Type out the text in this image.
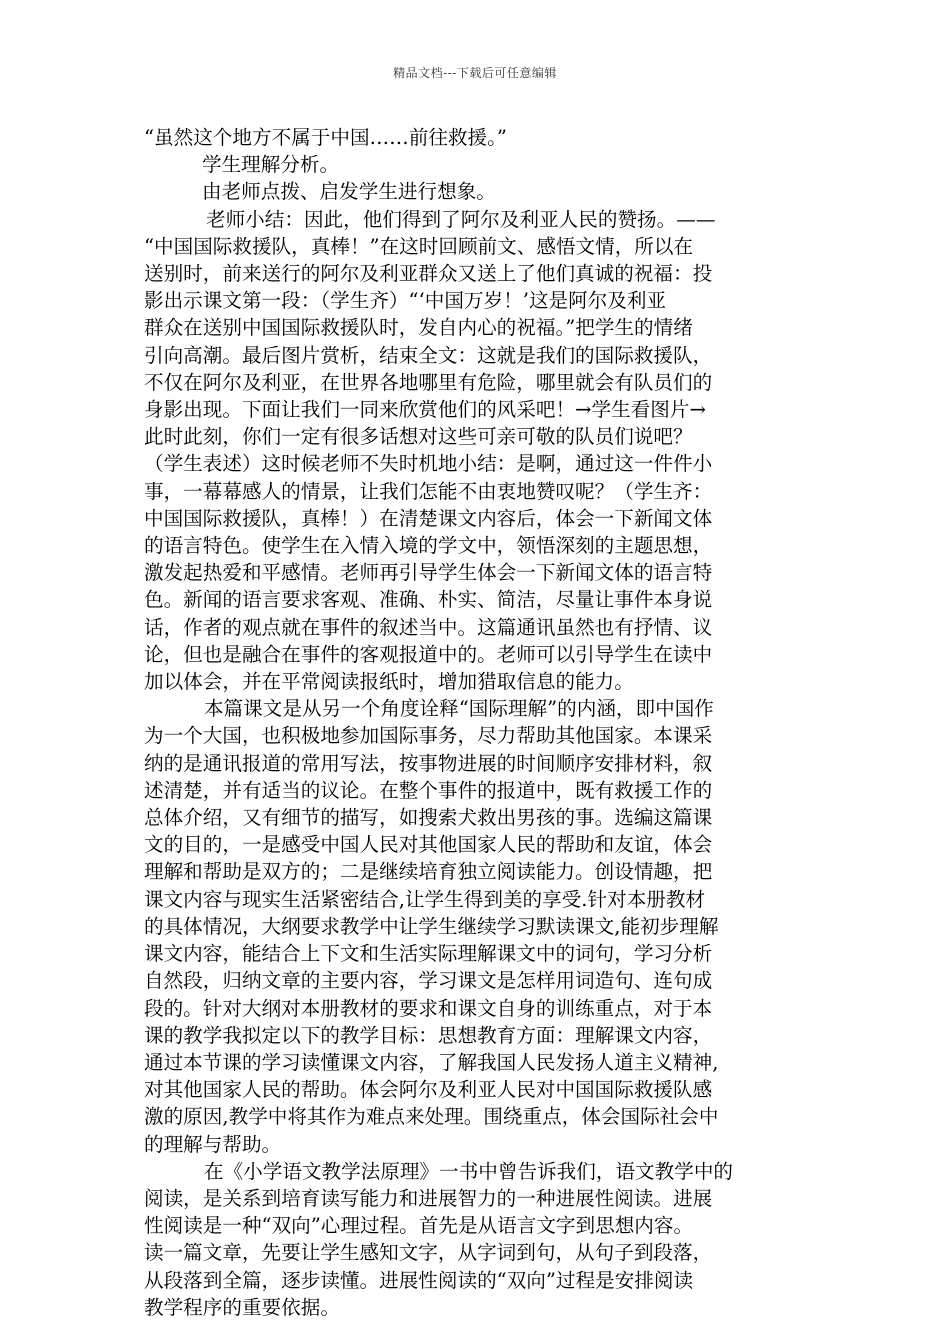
精品文档---下载后可任意编辑
“虽然这个地方不属于中国……前往救援。”
学生理解分析。
由老师点拨、启发学生进行想象。
老师小结：因此，他们得到了阿尔及利亚人民的赞扬。——
“中国国际救援队，真棒！”在这时回顾前文、感悟文情，所以在
送别时，前来送行的阿尔及利亚群众又送上了他们真诚的祝福：投
影出示课文第一段：（学生齐）“‘中国万岁！’这是阿尔及利亚
群众在送别中国国际救援队时，发自内心的祝福。”把学生的情绪
引向高潮。最后图片赏析，结束全文：这就是我们的国际救援队，
不仅在阿尔及利亚，在世界各地哪里有危险，哪里就会有队员们的
身影出现。下面让我们一同来欣赏他们的风采吧！→学生看图片→
此时此刻，你们一定有很多话想对这些可亲可敬的队员们说吧？
（学生表述）这时候老师不失时机地小结：是啊，通过这一件件小
事，一幕幕感人的情景，让我们怎能不由衷地赞叹呢？（学生齐：
中国国际救援队，真棒！）在清楚课文内容后，体会一下新闻文体
的语言特色。使学生在入情入境的学文中，领悟深刻的主题思想，
激发起热爱和平感情。老师再引导学生体会一下新闻文体的语言特
色。新闻的语言要求客观、准确、朴实、简洁，尽量让事件本身说
话，作者的观点就在事件的叙述当中。这篇通讯虽然也有抒情、议
论，但也是融合在事件的客观报道中的。老师可以引导学生在读中
加以体会，并在平常阅读报纸时，增加猎取信息的能力。
本篇课文是从另一个角度诠释“国际理解”的内涵，即中国作
为一个大国，也积极地参加国际事务，尽力帮助其他国家。本课采
纳的是通讯报道的常用写法，按事物进展的时间顺序安排材料，叙
述清楚，并有适当的议论。在整个事件的报道中，既有救援工作的
总体介绍，又有细节的描写，如搜索犬救出男孩的事。选编这篇课
文的目的，一是感受中国人民对其他国家人民的帮助和友谊，体会
理解和帮助是双方的；二是继续培育独立阅读能力。创设情趣，把
课文内容与现实生活紧密结合,让学生得到美的享受.针对本册教材
的具体情况，大纲要求教学中让学生继续学习默读课文,能初步理解
课文内容，能结合上下文和生活实际理解课文中的词句，学习分析
自然段，归纳文章的主要内容，学习课文是怎样用词造句、连句成
段的。针对大纲对本册教材的要求和课文自身的训练重点，对于本
课的教学我拟定以下的教学目标：思想教育方面：理解课文内容，
通过本节课的学习读懂课文内容，了解我国人民发扬人道主义精神,
对其他国家人民的帮助。体会阿尔及利亚人民对中国国际救援队感
激的原因,教学中将其作为难点来处理。围绕重点，体会国际社会中
的理解与帮助。
在《小学语文教学法原理》一书中曾告诉我们，语文教学中的
阅读，是关系到培育读写能力和进展智力的一种进展性阅读。进展
性阅读是一种“双向”心理过程。首先是从语言文字到思想内容。
读一篇文章，先要让学生感知文字，从字词到句，从句子到段落，
从段落到全篇，逐步读懂。进展性阅读的“双向”过程是安排阅读
教学程序的重要依据。
